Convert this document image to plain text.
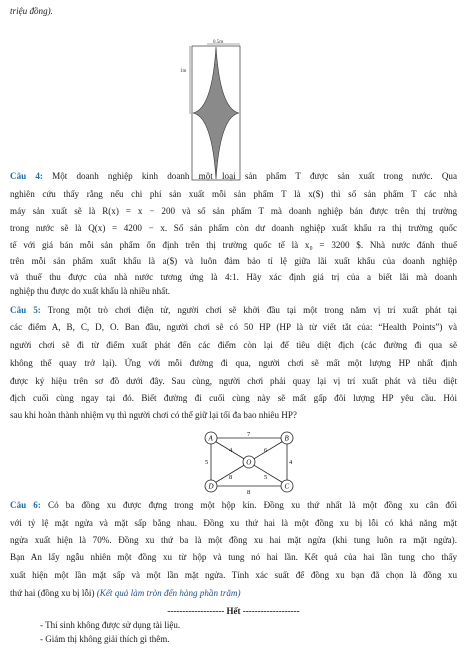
triệu đồng).
0.5m
1m
Câu 4: Một doanh nghiệp kinh doanh một loại sản phẩm T được sản xuất trong nước. Qua
nghiên cứu thấy rằng nếu chi phí sản xuất mỗi sản phẩm T là x($) thì số sản phẩm T các nhà
máy sản xuất sẽ là R(x) = x − 200 và số sản phẩm T mà doanh nghiệp bán được trên thị trường
trong nước sẽ là Q(x) = 4200 − x. Số sản phẩm còn dư doanh nghiệp xuất khẩu ra thị trường quốc
tế với giá bán mỗi sản phẩm ổn định trên thị trường quốc tế là x₀ = 3200 $. Nhà nước đánh thuế
trên mỗi sản phẩm xuất khẩu là a($) và luôn đảm bảo tỉ lệ giữa lãi xuất khẩu của doanh nghiệp
và thuế thu được của nhà nước tương ứng là 4:1. Hãy xác định giá trị của a biết lãi mà doanh
nghiệp thu được do xuất khẩu là nhiều nhất.
Câu 5: Trong một trò chơi điện tử, người chơi sẽ khởi đầu tại một trong năm vị trí xuất phát tại
các điểm A, B, C, D, O. Ban đầu, người chơi sẽ có 50 HP (HP là từ viết tắt của: “Health Points”) và
người chơi sẽ đi từ điểm xuất phát đến các điểm còn lại để tiêu diệt địch (các đường đi qua sẽ
không thể quay trở lại). Ứng với mỗi đường đi qua, người chơi sẽ mất một lượng HP nhất định
được ký hiệu trên sơ đồ dưới đây. Sau cùng, người chơi phải quay lại vị trí xuất phát và tiêu diệt
địch cuối cùng ngay tại đó. Biết đường đi cuối cùng này sẽ mất gấp đôi lượng HP yêu cầu. Hỏi
sau khi hoàn thành nhiệm vụ thì người chơi có thể giữ lại tối đa bao nhiêu HP?
7
5	4
8
4	6
8	5
A	B
C
D
O
Câu 6: Có ba đồng xu được đựng trong một hộp kín. Đồng xu thứ nhất là một đồng xu cân đối
với tỷ lệ mặt ngửa và mặt sấp bằng nhau. Đồng xu thứ hai là một đồng xu bị lỗi có khả năng mặt
ngửa xuất hiện là 70%. Đồng xu thứ ba là một đồng xu hai mặt ngửa (khi tung luôn ra mặt ngửa).
Bạn An lấy ngẫu nhiên một đồng xu từ hộp và tung nó hai lần. Kết quả của hai lần tung cho thấy
xuất hiện một lần mặt sấp và một lần mặt ngửa. Tính xác suất để đồng xu bạn đã chọn là đồng xu
thứ hai (đồng xu bị lỗi) (Kết quả làm tròn đến hàng phần trăm)
------------------- Hết -------------------
- Thí sinh không được sử dụng tài liệu.
- Giám thị không giải thích gì thêm.
